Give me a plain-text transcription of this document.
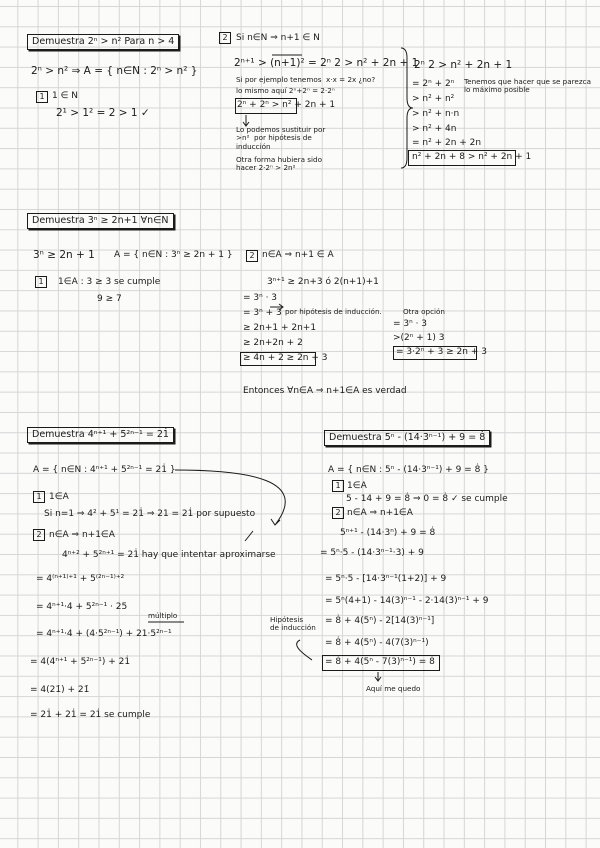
Demuestra 2ⁿ > n² Para n > 4
2ⁿ > n² ⇒ A = { n∈N : 2ⁿ > n² }
1 1 ∈ N
2¹ > 1² = 2 > 1 ✓
2 Si n∈N ⇒ n+1 ∈ N
2ⁿ⁺¹ > (n+1)² = 2ⁿ 2 > n² + 2n + 1
Si por ejemplo tenemos  x·x = 2x ¿no?
lo mismo aquí 2ⁿ+2ⁿ = 2·2ⁿ
2ⁿ + 2ⁿ > n² + 2n + 1
Lo podemos sustituir por
>n²  por hipótesis de
inducción
Otra forma hubiera sido
hacer 2·2ⁿ > 2n²
2ⁿ 2 > n² + 2n + 1
Tenemos que hacer que se parezca
lo máximo posible
= 2ⁿ + 2ⁿ
> n² + n²
> n² + n·n
> n² + 4n
= n² + 2n + 2n
n² + 2n + 8 > n² + 2n + 1
Demuestra 3ⁿ ≥ 2n+1 ∀n∈N
3ⁿ ≥ 2n + 1 A = { n∈N : 3ⁿ ≥ 2n + 1 }
1	1∈A : 3 ≥ 3 se cumple
9 ≥ 7
2 n∈A ⇒ n+1 ∈ A
3ⁿ⁺¹ ≥ 2n+3 ó 2(n+1)+1
= 3ⁿ · 3
= 3ⁿ + 3 por hipótesis de inducción.	Otra opción
= 3ⁿ · 3
>(2ⁿ + 1) 3
= 3·2ⁿ + 3 ≥ 2n + 3
≥ 2n+1 + 2n+1
≥ 2n+2n + 2
≥ 4n + 2 ≥ 2n + 3
Entonces ∀n∈A ⇒ n+1∈A es verdad
Demuestra 4ⁿ⁺¹ + 5²ⁿ⁻¹ = 21̇
A = { n∈N : 4ⁿ⁺¹ + 5²ⁿ⁻¹ = 21̇ }
1 1∈A
Si n=1 ⇒ 4² + 5¹ = 21̇ ⇒ 21 = 21̇ por supuesto
2 n∈A ⇒ n+1∈A
4ⁿ⁺² + 5²ⁿ⁺¹ = 21̇ hay que intentar aproximarse
= 4⁽ⁿ⁺¹⁾⁺¹ + 5⁽²ⁿ⁻¹⁾⁺²
= 4ⁿ⁺¹·4 + 5²ⁿ⁻¹ · 25
múltiplo
= 4ⁿ⁺¹·4 + (4·5²ⁿ⁻¹) + 21·5²ⁿ⁻¹
= 4(4ⁿ⁺¹ + 5²ⁿ⁻¹) + 21̇
= 4(21̇) + 21̇
= 21̇ + 21̇ = 21̇ se cumple
Demuestra 5ⁿ - (14·3ⁿ⁻¹) + 9 = 8̇
A = { n∈N : 5ⁿ - (14·3ⁿ⁻¹) + 9 = 8̇ }
1 1∈A
5 - 14 + 9 = 8̇ ⇒ 0 = 8̇ ✓ se cumple
2 n∈A ⇒ n+1∈A
5ⁿ⁺¹ - (14·3ⁿ) + 9 = 8̇
= 5ⁿ·5 - (14·3ⁿ⁻¹·3) + 9
= 5ⁿ·5 - [14·3ⁿ⁻¹(1+2)] + 9
= 5ⁿ(4+1) - 14(3)ⁿ⁻¹ - 2·14(3)ⁿ⁻¹ + 9
Hipótesis
de inducción
= 8̇ + 4(5ⁿ) - 2[14(3)ⁿ⁻¹]
= 8̇ + 4(5ⁿ) - 4(7(3)ⁿ⁻¹)
= 8̇ + 4(5ⁿ - 7(3)ⁿ⁻¹) = 8̇
Aquí me quedo
